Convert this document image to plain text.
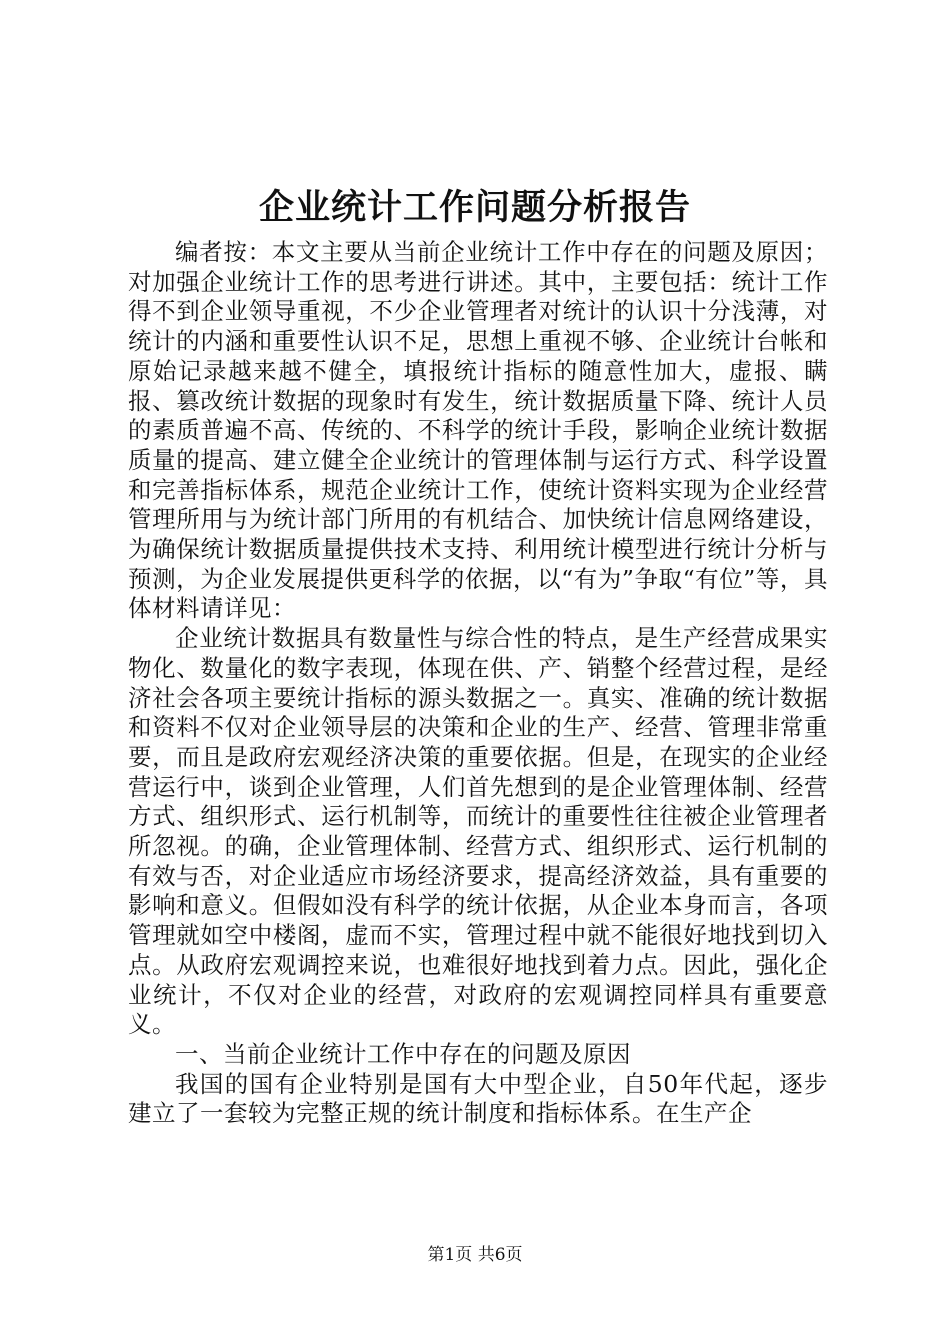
企业统计工作问题分析报告

编者按：本文主要从当前企业统计工作中存在的问题及原因；对加强企业统计工作的思考进行讲述。其中，主要包括：统计工作得不到企业领导重视，不少企业管理者对统计的认识十分浅薄，对统计的内涵和重要性认识不足，思想上重视不够、企业统计台帐和原始记录越来越不健全，填报统计指标的随意性加大，虚报、瞒报、篡改统计数据的现象时有发生，统计数据质量下降、统计人员的素质普遍不高、传统的、不科学的统计手段，影响企业统计数据质量的提高、建立健全企业统计的管理体制与运行方式、科学设置和完善指标体系，规范企业统计工作，使统计资料实现为企业经营管理所用与为统计部门所用的有机结合、加快统计信息网络建设，为确保统计数据质量提供技术支持、利用统计模型进行统计分析与预测，为企业发展提供更科学的依据，以“有为”争取“有位”等，具体材料请详见：

企业统计数据具有数量性与综合性的特点，是生产经营成果实物化、数量化的数字表现，体现在供、产、销整个经营过程，是经济社会各项主要统计指标的源头数据之一。真实、准确的统计数据和资料不仅对企业领导层的决策和企业的生产、经营、管理非常重要，而且是政府宏观经济决策的重要依据。但是，在现实的企业经营运行中，谈到企业管理，人们首先想到的是企业管理体制、经营方式、组织形式、运行机制等，而统计的重要性往往被企业管理者所忽视。的确，企业管理体制、经营方式、组织形式、运行机制的有效与否，对企业适应市场经济要求，提高经济效益，具有重要的影响和意义。但假如没有科学的统计依据，从企业本身而言，各项管理就如空中楼阁，虚而不实，管理过程中就不能很好地找到切入点。从政府宏观调控来说，也难很好地找到着力点。因此，强化企业统计，不仅对企业的经营，对政府的宏观调控同样具有重要意义。

一、当前企业统计工作中存在的问题及原因

我国的国有企业特别是国有大中型企业，自50年代起，逐步建立了一套较为完整正规的统计制度和指标体系。在生产企

第1页 共6页
